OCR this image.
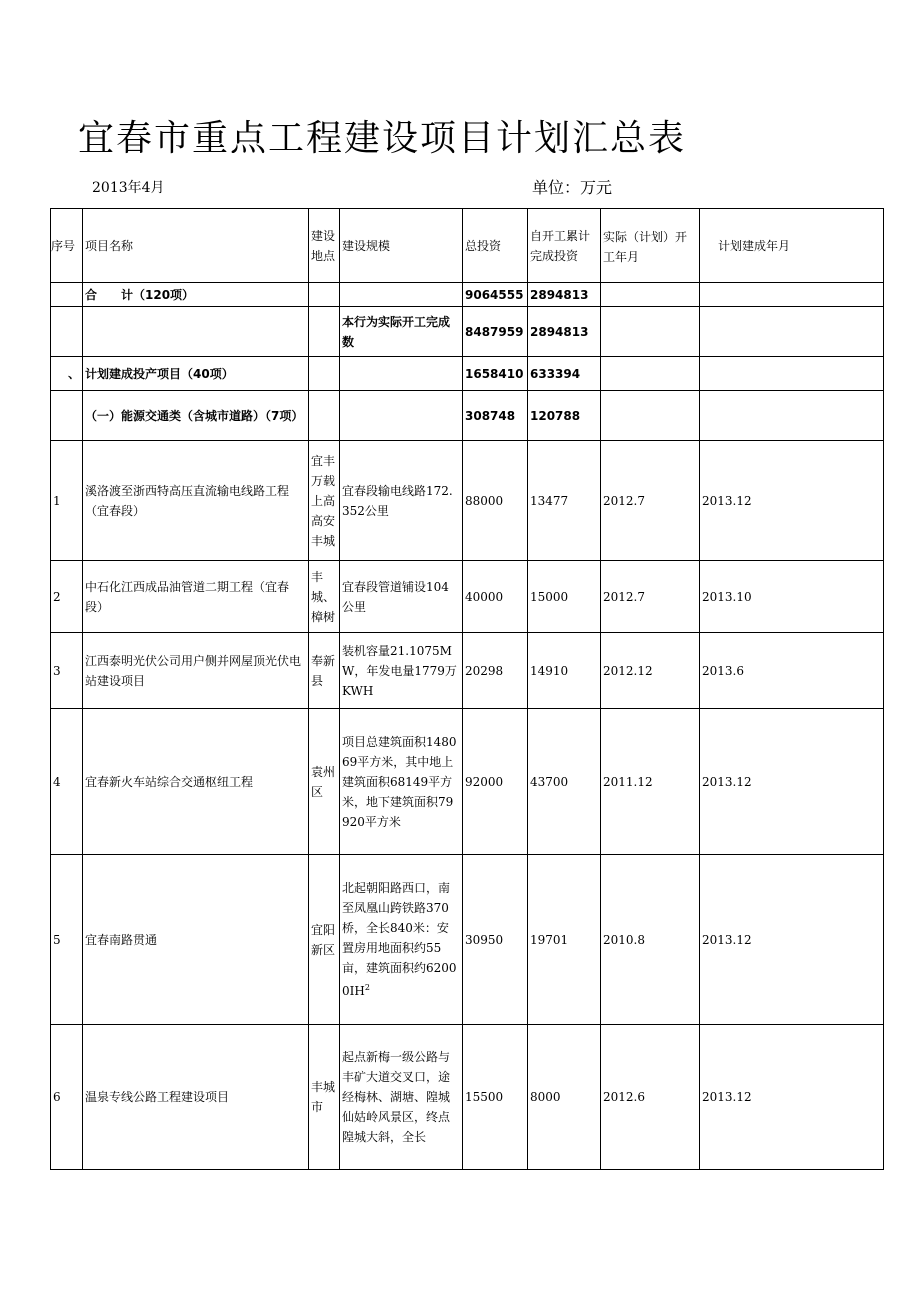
宜春市重点工程建设项目计划汇总表
2013年4月	单位：万元
序号	项目名称	建设地点	建设规模	总投资	自开工累计完成投资	实际（计划）开工年月	计划建成年月
	合　　计（120项）			9064555	2894813		
			本行为实际开工完成数	8487959	2894813		
、	计划建成投产项目（40项）			1658410	633394		
	（一）能源交通类（含城市道路）（7项）			308748	120788		
1	溪洛渡至浙西特高压直流输电线路工程（宜春段）	宜丰万载上高高安丰城	宜春段输电线路172.352公里	88000	13477	2012.7	2013.12
2	中石化江西成品油管道二期工程（宜春段）	丰城、樟树	宜春段管道铺设104公里	40000	15000	2012.7	2013.10
3	江西泰明光伏公司用户侧并网屋顶光伏电站建设项目	奉新县	装机容量21.1075MW，年发电量1779万KWH	20298	14910	2012.12	2013.6
4	宜春新火车站综合交通枢纽工程	袁州区	项目总建筑面积148069平方米，其中地上建筑面积68149平方米，地下建筑面积79920平方米	92000	43700	2011.12	2013.12
5	宜春南路贯通	宜阳新区	北起朝阳路西口，南至凤凰山跨铁路370桥，全长840米：安置房用地面积约55亩，建筑面积约$62000IH^2$	30950	19701	2010.8	2013.12
6	温泉专线公路工程建设项目	丰城市	起点新梅一级公路与丰矿大道交叉口，途经梅林、湖塘、隍城仙姑岭风景区，终点隍城大斜，全长	15500	8000	2012.6	2013.12
